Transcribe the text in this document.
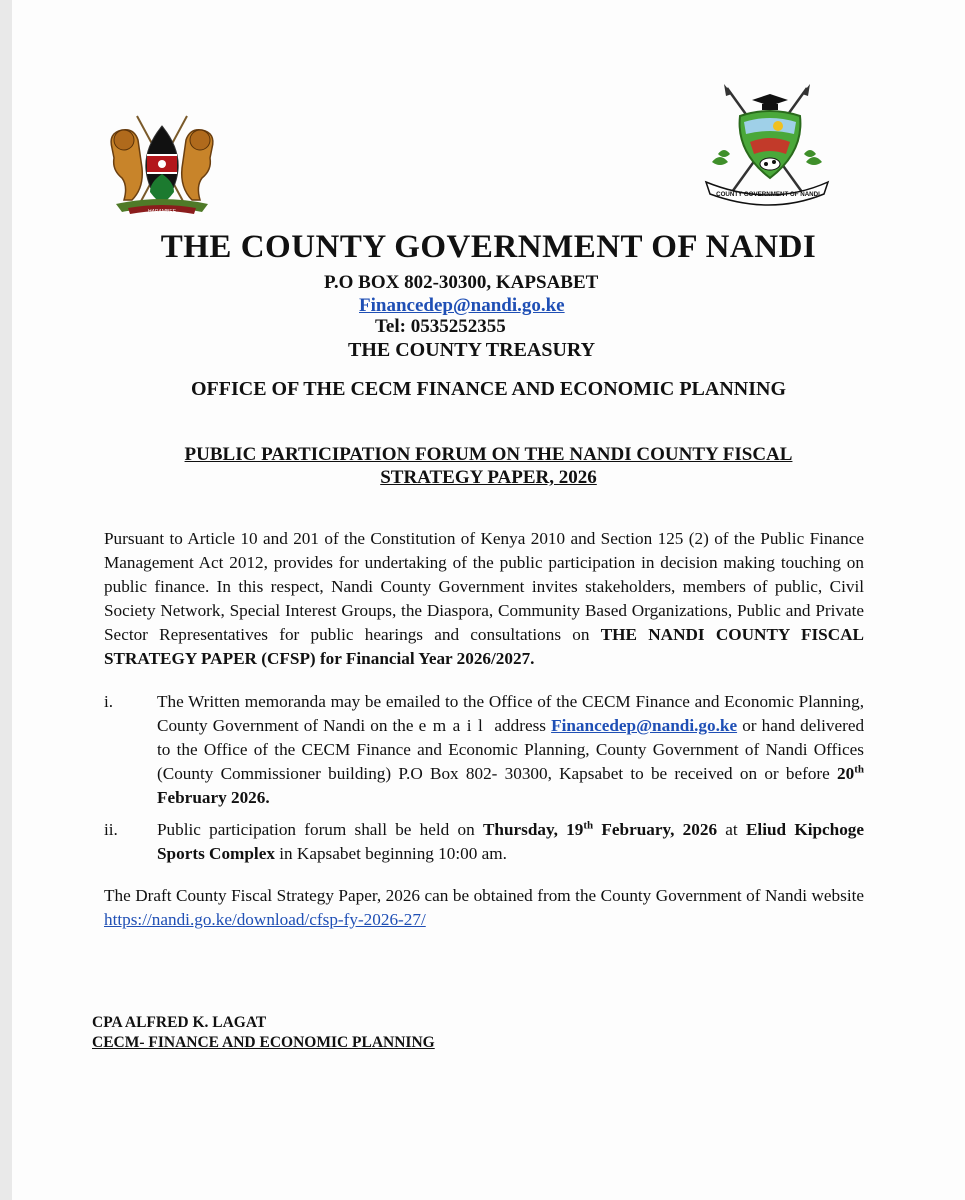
HARAMBEE
COUNTY GOVERNMENT OF NANDI
THE COUNTY GOVERNMENT OF NANDI
P.O BOX 802-30300, KAPSABET
Financedep@nandi.go.ke
Tel: 0535252355
THE COUNTY TREASURY
OFFICE OF THE CECM FINANCE AND ECONOMIC PLANNING
PUBLIC PARTICIPATION FORUM ON THE NANDI COUNTY FISCAL
STRATEGY PAPER, 2026
Pursuant to Article 10 and 201 of the Constitution of Kenya 2010 and Section 125 (2) of the Public Finance Management Act 2012, provides for undertaking of the public participation in decision making touching on public finance. In this respect, Nandi County Government invites stakeholders, members of public, Civil Society Network, Special Interest Groups, the Diaspora, Community Based Organizations, Public and Private Sector Representatives for public hearings and consultations on THE NANDI COUNTY FISCAL STRATEGY PAPER (CFSP) for Financial Year 2026/2027.
i.	The Written memoranda may be emailed to the Office of the CECM Finance and Economic Planning, County Government of Nandi on the email address Financedep@nandi.go.ke or hand delivered to the Office of the CECM Finance and Economic Planning, County Government of Nandi Offices (County Commissioner building) P.O Box 802- 30300, Kapsabet to be received on or before 20th February 2026.
ii. Public participation forum shall be held on Thursday, 19th February, 2026 at Eliud Kipchoge Sports Complex in Kapsabet beginning 10:00 am.
The Draft County Fiscal Strategy Paper, 2026 can be obtained from the County Government of Nandi website https://nandi.go.ke/download/cfsp-fy-2026-27/
CPA ALFRED K. LAGAT
CECM- FINANCE AND ECONOMIC PLANNING
